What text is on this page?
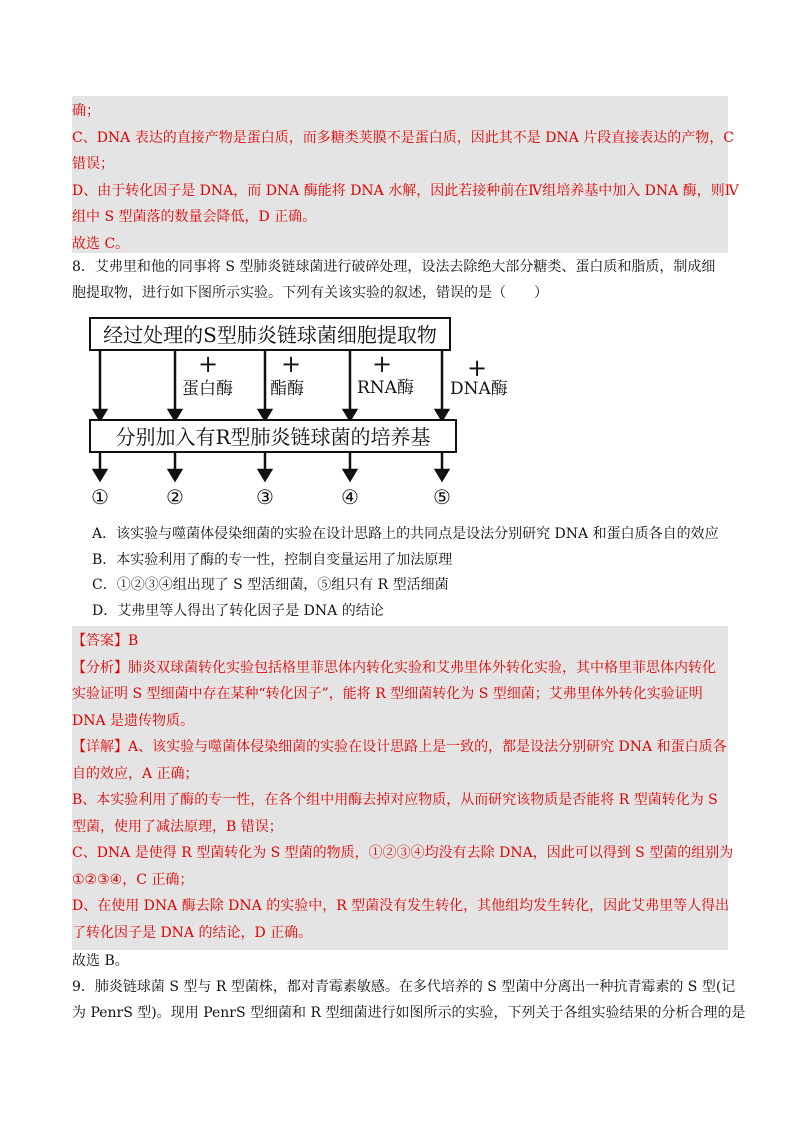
确；
C、DNA 表达的直接产物是蛋白质，而多糖类荚膜不是蛋白质，因此其不是 DNA 片段直接表达的产物，C
错误；
D、由于转化因子是 DNA，而 DNA 酶能将 DNA 水解，因此若接种前在Ⅳ组培养基中加入 DNA 酶，则Ⅳ
组中 S 型菌落的数量会降低，D 正确。
故选 C。
8．艾弗里和他的同事将 S 型肺炎链球菌进行破碎处理，设法去除绝大部分糖类、蛋白质和脂质，制成细
胞提取物，进行如下图所示实验。下列有关该实验的叙述，错误的是（　　）
经过处理的S型肺炎链球菌细胞提取物
+	+	+	+
蛋白酶 酯酶	RNA酶 DNA酶
分别加入有R型肺炎链球菌的培养基
①	②	③	④	⑤
A．该实验与噬菌体侵染细菌的实验在设计思路上的共同点是设法分别研究 DNA 和蛋白质各自的效应
B．本实验利用了酶的专一性，控制自变量运用了加法原理
C．①②③④组出现了 S 型活细菌，⑤组只有 R 型活细菌
D．艾弗里等人得出了转化因子是 DNA 的结论
【答案】B
【分析】肺炎双球菌转化实验包括格里菲思体内转化实验和艾弗里体外转化实验，其中格里菲思体内转化
实验证明 S 型细菌中存在某种“转化因子”，能将 R 型细菌转化为 S 型细菌；艾弗里体外转化实验证明
DNA 是遗传物质。
【详解】A、该实验与噬菌体侵染细菌的实验在设计思路上是一致的，都是设法分别研究 DNA 和蛋白质各
自的效应，A 正确；
B、本实验利用了酶的专一性，在各个组中用酶去掉对应物质，从而研究该物质是否能将 R 型菌转化为 S
型菌，使用了减法原理，B 错误；
C、DNA 是使得 R 型菌转化为 S 型菌的物质，①②③④均没有去除 DNA，因此可以得到 S 型菌的组别为
①②③④，C 正确；
D、在使用 DNA 酶去除 DNA 的实验中，R 型菌没有发生转化，其他组均发生转化，因此艾弗里等人得出
了转化因子是 DNA 的结论，D 正确。
故选 B。
9．肺炎链球菌 S 型与 R 型菌株，都对青霉素敏感。在多代培养的 S 型菌中分离出一种抗青霉素的 S 型(记
为 PenrS 型)。现用 PenrS 型细菌和 R 型细菌进行如图所示的实验，下列关于各组实验结果的分析合理的是
